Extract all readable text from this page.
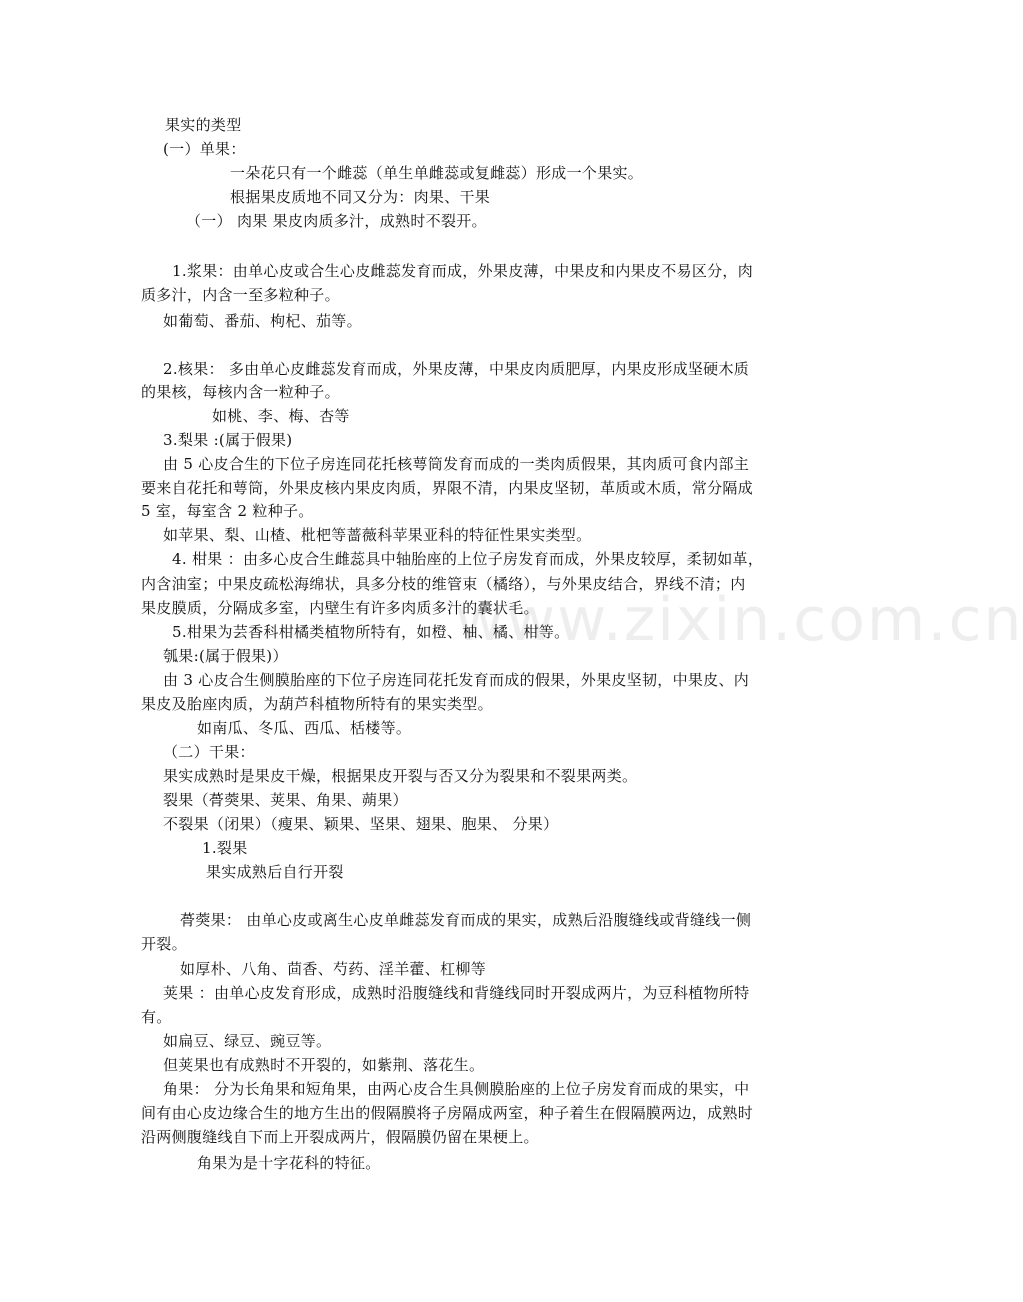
www.zixin.com.cn
果实的类型
(一）单果：
一朵花只有一个雌蕊（单生单雌蕊或复雌蕊）形成一个果实。
根据果皮质地不同又分为：肉果、干果
（一） 肉果 果皮肉质多汁，成熟时不裂开。
1.浆果：由单心皮或合生心皮雌蕊发育而成，外果皮薄，中果皮和内果皮不易区分，肉
质多汁，内含一至多粒种子。
如葡萄、番茄、枸杞、茄等。
2.核果： 多由单心皮雌蕊发育而成，外果皮薄，中果皮肉质肥厚，内果皮形成坚硬木质
的果核，每核内含一粒种子。
如桃、李、梅、杏等
3.梨果 :(属于假果)
由 5 心皮合生的下位子房连同花托核萼筒发育而成的一类肉质假果，其肉质可食内部主
要来自花托和萼筒，外果皮核内果皮肉质，界限不清，内果皮坚韧，革质或木质，常分隔成
5 室，每室含 2 粒种子。
如苹果、梨、山楂、枇杷等蔷薇科苹果亚科的特征性果实类型。
4. 柑果 ：由多心皮合生雌蕊具中轴胎座的上位子房发育而成，外果皮较厚，柔韧如革，
内含油室；中果皮疏松海绵状，具多分枝的维管束（橘络），与外果皮结合，界线不清；内
果皮膜质，分隔成多室，内壁生有许多肉质多汁的囊状毛。
5.柑果为芸香科柑橘类植物所特有，如橙、柚、橘、柑等。
瓠果:(属于假果)）
由 3 心皮合生侧膜胎座的下位子房连同花托发育而成的假果，外果皮坚韧，中果皮、内
果皮及胎座肉质，为葫芦科植物所特有的果实类型。
如南瓜、冬瓜、西瓜、栝楼等。
（二）干果：
果实成熟时是果皮干燥，根据果皮开裂与否又分为裂果和不裂果两类。
裂果（蓇葖果、荚果、角果、蒴果）
不裂果（闭果）（瘦果、颖果、坚果、翅果、胞果、 分果）
1.裂果
果实成熟后自行开裂
蓇葖果： 由单心皮或离生心皮单雌蕊发育而成的果实，成熟后沿腹缝线或背缝线一侧
开裂。
如厚朴、八角、茴香、芍药、淫羊藿、杠柳等
荚果 ：由单心皮发育形成，成熟时沿腹缝线和背缝线同时开裂成两片，为豆科植物所特
有。
如扁豆、绿豆、豌豆等。
但荚果也有成熟时不开裂的，如紫荆、落花生。
角果： 分为长角果和短角果，由两心皮合生具侧膜胎座的上位子房发育而成的果实，中
间有由心皮边缘合生的地方生出的假隔膜将子房隔成两室，种子着生在假隔膜两边，成熟时
沿两侧腹缝线自下而上开裂成两片，假隔膜仍留在果梗上。
角果为是十字花科的特征。
